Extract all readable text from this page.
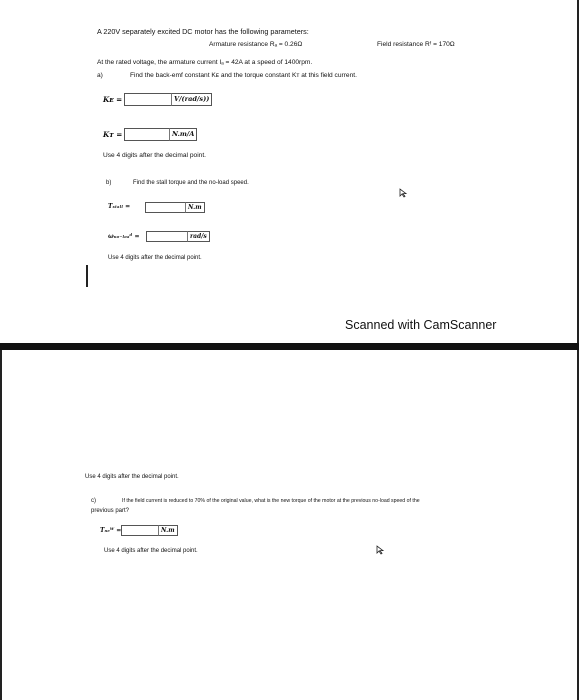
A 220V separately excited DC motor has the following parameters:
Armature resistance Rₐ = 0.26Ω	Field resistance Rᶠ = 170Ω
At the rated voltage, the armature current Iₐ = 42A at a speed of 1400rpm.
a)	Find the back-emf constant Kᴇ and the torque constant Kᴛ at this field current.
Kᴇ =	V/(rad/s))
Kᴛ =	N.m/A
Use 4 digits after the decimal point.
b)	Find the stall torque and the no-load speed.
Tₛₜₐₗₗ =	N.m
ωₙₒ₋ₗₒₐᵈ =	rad/s
Use 4 digits after the decimal point.
Scanned with CamScanner
Use 4 digits after the decimal point.
c)	If the field current is reduced to 70% of the original value, what is the new torque of the motor at the previous no-load speed of the
previous part?
Tₙₑᵂ =	N.m
Use 4 digits after the decimal point.
